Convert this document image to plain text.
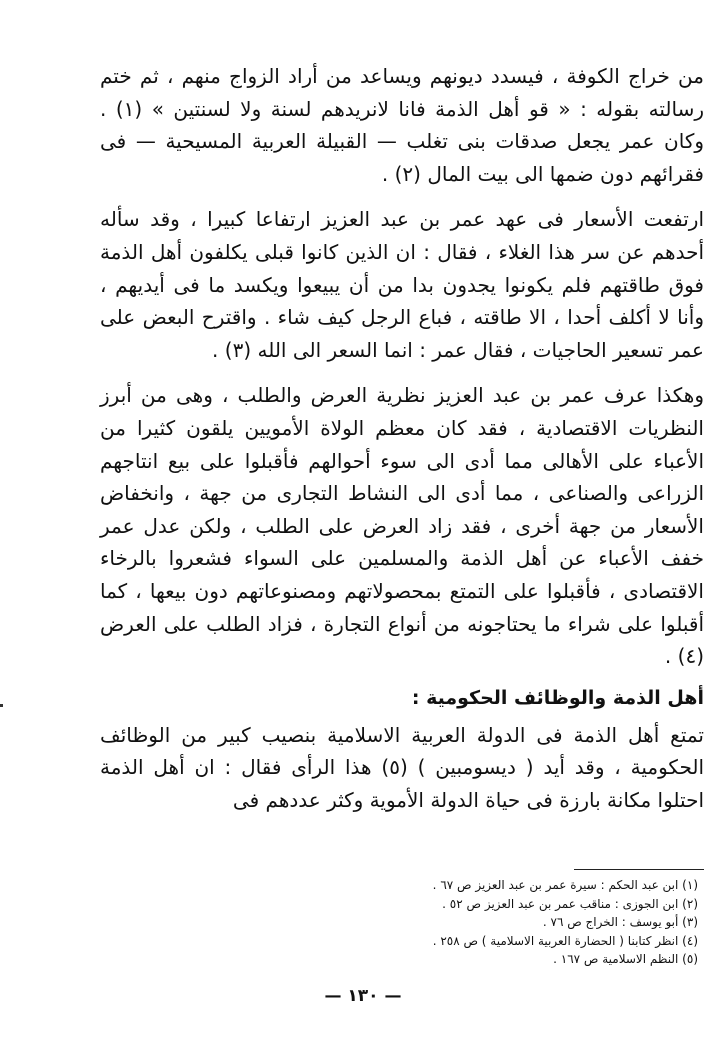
من خراج الكوفة ، فيسدد ديونهم ويساعد من أراد الزواج منهم ، ثم ختم رسالته بقوله : « قو أهل الذمة فانا لانريدهم لسنة ولا لسنتين » (١) . وكان عمر يجعل صدقات بنى تغلب — القبيلة العربية المسيحية — فى فقرائهم دون ضمها الى بيت المال (٢) .

ارتفعت الأسعار فى عهد عمر بن عبد العزيز ارتفاعا كبيرا ، وقد سأله أحدهم عن سر هذا الغلاء ، فقال : ان الذين كانوا قبلى يكلفون أهل الذمة فوق طاقتهم فلم يكونوا يجدون بدا من أن يبيعوا ويكسد ما فى أيديهم ، وأنا لا أكلف أحدا ، الا طاقته ، فباع الرجل كيف شاء . واقترح البعض على عمر تسعير الحاجيات ، فقال عمر : انما السعر الى الله (٣) .

وهكذا عرف عمر بن عبد العزيز نظرية العرض والطلب ، وهى من أبرز النظريات الاقتصادية ، فقد كان معظم الولاة الأمويين يلقون كثيرا من الأعباء على الأهالى مما أدى الى سوء أحوالهم فأقبلوا على بيع انتاجهم الزراعى والصناعى ، مما أدى الى النشاط التجارى من جهة ، وانخفاض الأسعار من جهة أخرى ، فقد زاد العرض على الطلب ، ولكن عدل عمر خفف الأعباء عن أهل الذمة والمسلمين على السواء فشعروا بالرخاء الاقتصادى ، فأقبلوا على التمتع بمحصولاتهم ومصنوعاتهم دون بيعها ، كما أقبلوا على شراء ما يحتاجونه من أنواع التجارة ، فزاد الطلب على العرض (٤) .

أهل الذمة والوظائف الحكومية :

تمتع أهل الذمة فى الدولة العربية الاسلامية بنصيب كبير من الوظائف الحكومية ، وقد أيد ( ديسومبين ) (٥) هذا الرأى فقال : ان أهل الذمة احتلوا مكانة بارزة فى حياة الدولة الأموية وكثر عددهم فى

(١) ابن عبد الحكم : سيرة عمر بن عبد العزيز ص ٦٧ .
(٢) ابن الجوزى : مناقب عمر بن عبد العزيز ص ٥٢ .
(٣) أبو يوسف : الخراج ص ٧٦ .
(٤) انظر كتابنا ( الحضارة العربية الاسلامية ) ص ٢٥٨ .
(٥) النظم الاسلامية ص ١٦٧ .
— ١٣٠ —
